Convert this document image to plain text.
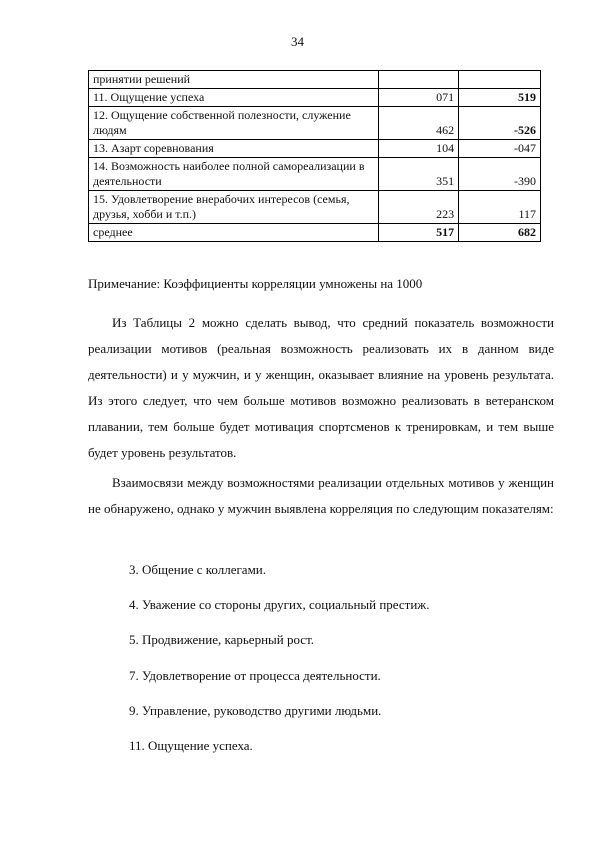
34
принятии решений		
11. Ощущение успеха	071	519
12. Ощущение собственной полезности, служение людям	462	-526
13. Азарт соревнования	104	-047
14. Возможность наиболее полной самореализации в деятельности	351	-390
15. Удовлетворение внерабочих интересов (семья, друзья, хобби и т.п.)	223	117
среднее	517	682
Примечание: Коэффициенты корреляции умножены на 1000

Из Таблицы 2 можно сделать вывод, что средний показатель возможности реализации мотивов (реальная возможность реализовать их в данном виде деятельности) и у мужчин, и у женщин, оказывает влияние на уровень результата. Из этого следует, что чем больше мотивов возможно реализовать в ветеранском плавании, тем больше будет мотивация спортсменов к тренировкам, и тем выше будет уровень результатов.

Взаимосвязи между возможностями реализации отдельных мотивов у женщин не обнаружено, однако у мужчин выявлена корреляция по следующим показателям:

3. Общение с коллегами.
4. Уважение со стороны других, социальный престиж.
5. Продвижение, карьерный рост.
7. Удовлетворение от процесса деятельности.
9. Управление, руководство другими людьми.
11. Ощущение успеха.
